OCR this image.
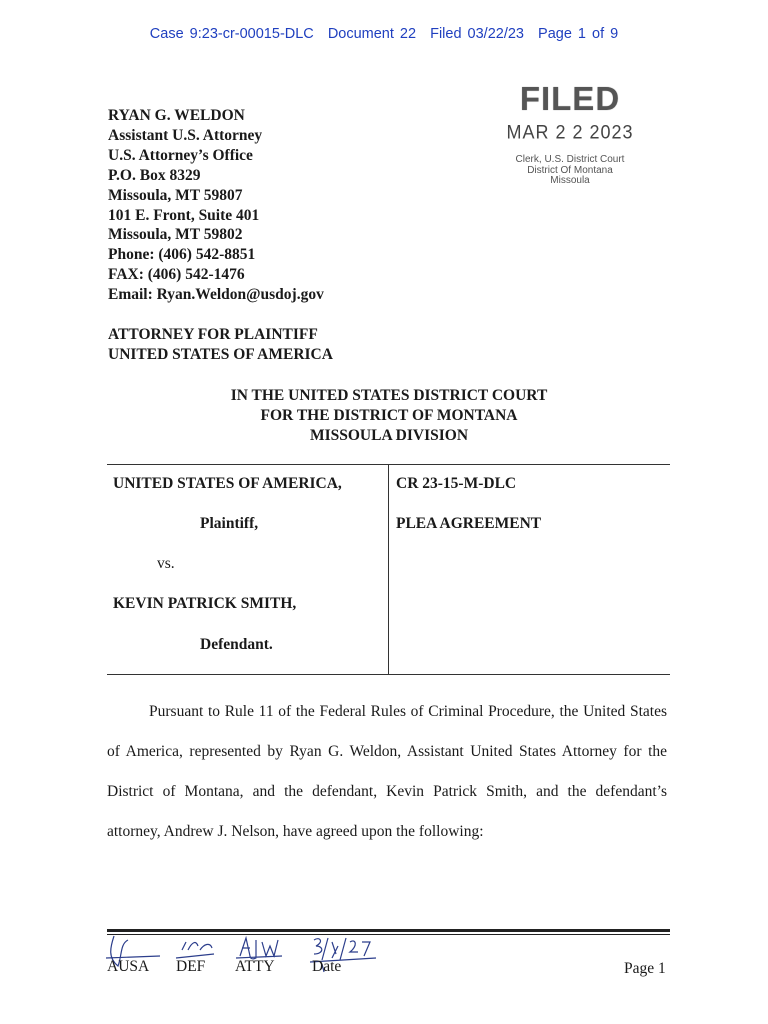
Case 9:23-cr-00015-DLC Document 22 Filed 03/22/23 Page 1 of 9
RYAN G. WELDON
Assistant U.S. Attorney
U.S. Attorney’s Office
P.O. Box 8329
Missoula, MT 59807
101 E. Front, Suite 401
Missoula, MT 59802
Phone: (406) 542-8851
FAX: (406) 542-1476
Email: Ryan.Weldon@usdoj.gov
FILED
MAR 2 2 2023
Clerk, U.S. District Court
District Of Montana
Missoula
ATTORNEY FOR PLAINTIFF
UNITED STATES OF AMERICA
IN THE UNITED STATES DISTRICT COURT
FOR THE DISTRICT OF MONTANA
MISSOULA DIVISION
UNITED STATES OF AMERICA,
Plaintiff,
vs.
KEVIN PATRICK SMITH,
Defendant.
CR 23-15-M-DLC
PLEA AGREEMENT

Pursuant to Rule 11 of the Federal Rules of Criminal Procedure, the United States of America, represented by Ryan G. Weldon, Assistant United States Attorney for the District of Montana, and the defendant, Kevin Patrick Smith, and the defendant’s attorney, Andrew J. Nelson, have agreed upon the following:

AUSA DEF ATTY Date	Page 1
